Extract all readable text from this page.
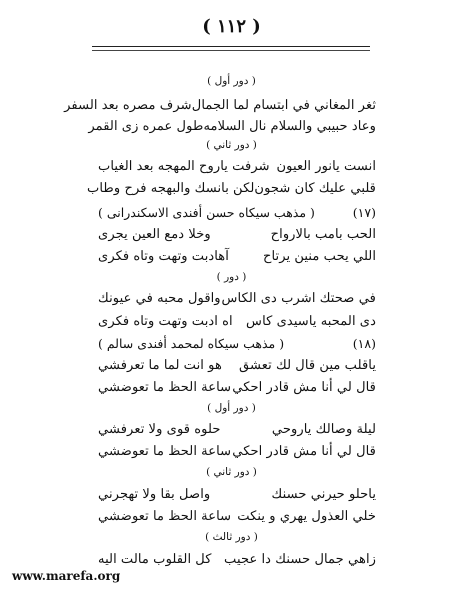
( ١١٢ )
( دور أول )
ثغر المغاني في ابتسام لما الجمال
شرف مصره بعد السفر
وعاد حبيبي والسلام نال السلامه
طول عمره زى القمر
( دور ثاني )
انست يانور العيون
شرفت ياروح المهجه بعد الغياب
قلبي عليك كان شجون
لكن بانسك والبهجه فرح وطاب
(١٧)
( مذهب سيكاه حسن أفندى الاسكندرانى )
الحب بامب بالارواح
وخلا دمع العين يجرى
اللي يحب منين يرتاح
آهادبت وتهت وتاه فكرى
( دور )
في صحتك اشرب دى الكاس
واقول محبه في عيونك
دى المحبه ياسيدى كاس
اه ادبت وتهت وتاه فكرى
(١٨)
( مذهب سيكاه لمحمد أفندى سالم )
ياقلب مين قال لك تعشق
هو انت لما ما تعرفشي
قال لي أنا مش قادر احكي
ساعة الحظ ما تعوضشي
( دور أول )
ليلة وصالك ياروحي
حلوه قوى ولا تعرفشي
قال لي أنا مش قادر احكي
ساعة الحظ ما تعوضشي
( دور ثاني )
ياحلو حيرني حسنك
واصل بقا ولا تهجرني
خلي العذول يهري و ينكت
ساعة الحظ ما تعوضشي
( دور ثالث )
زاهي جمال حسنك دا عجيب
كل القلوب مالت اليه
www.marefa.org
